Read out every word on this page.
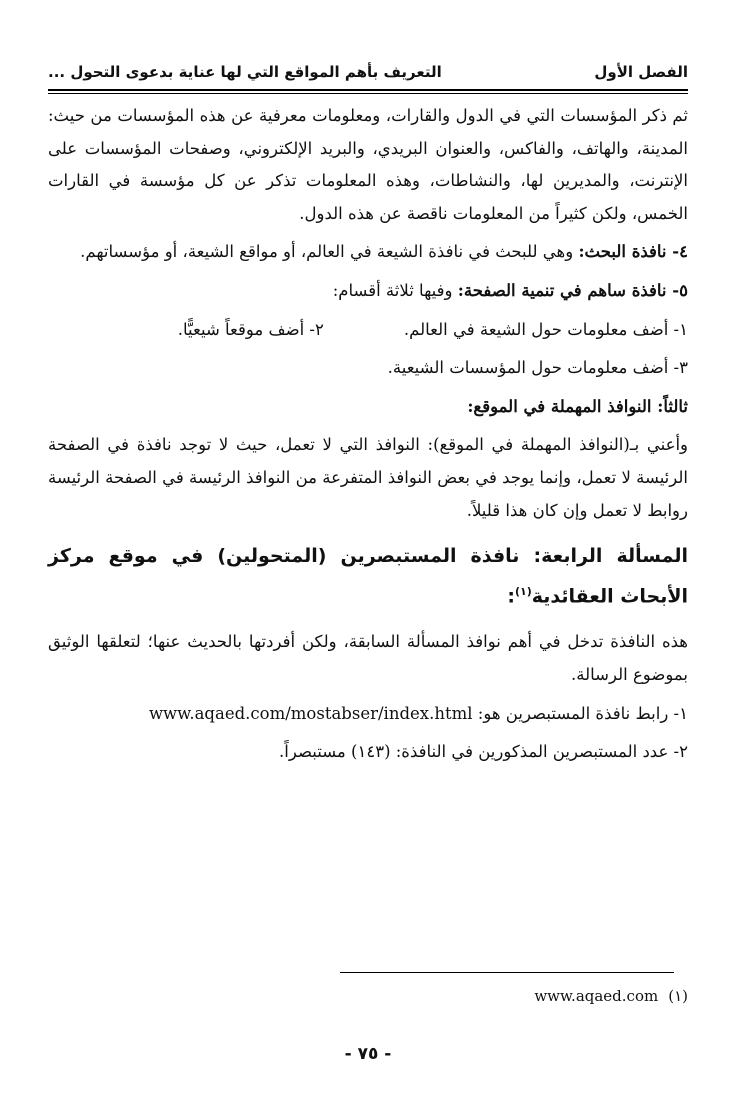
الفصل الأول
التعريف بأهم المواقع التي لها عناية بدعوى التحول ...

ثم ذكر المؤسسات التي في الدول والقارات، ومعلومات معرفية عن هذه المؤسسات من حيث: المدينة، والهاتف، والفاكس، والعنوان البريدي، والبريد الإلكتروني، وصفحات المؤسسات على الإنترنت، والمديرين لها، والنشاطات، وهذه المعلومات تذكر عن كل مؤسسة في القارات الخمس، ولكن كثيراً من المعلومات ناقصة عن هذه الدول.

٤- نافذة البحث: وهي للبحث في نافذة الشيعة في العالم، أو مواقع الشيعة، أو مؤسساتهم.

٥- نافذة ساهم في تنمية الصفحة: وفيها ثلاثة أقسام:

١- أضف معلومات حول الشيعة في العالم.
٢- أضف موقعاً شيعيًّا.

٣- أضف معلومات حول المؤسسات الشيعية.

ثالثاً: النوافذ المهملة في الموقع:

وأعني بـ(النوافذ المهملة في الموقع): النوافذ التي لا تعمل، حيث لا توجد نافذة في الصفحة الرئيسة لا تعمل، وإنما يوجد في بعض النوافذ المتفرعة من النوافذ الرئيسة في الصفحة الرئيسة روابط لا تعمل وإن كان هذا قليلاً.

المسألة الرابعة: نافذة المستبصرين (المتحولين) في موقع مركز الأبحاث العقائدية$^{(١)}$:

هذه النافذة تدخل في أهم نوافذ المسألة السابقة، ولكن أفردتها بالحديث عنها؛ لتعلقها الوثيق بموضوع الرسالة.

١- رابط نافذة المستبصرين هو: www.aqaed.com/mostabser/index.html

٢- عدد المستبصرين المذكورين في النافذة: (١٤٣) مستبصراً.

(١)
www.aqaed.com
- ٧٥ -
